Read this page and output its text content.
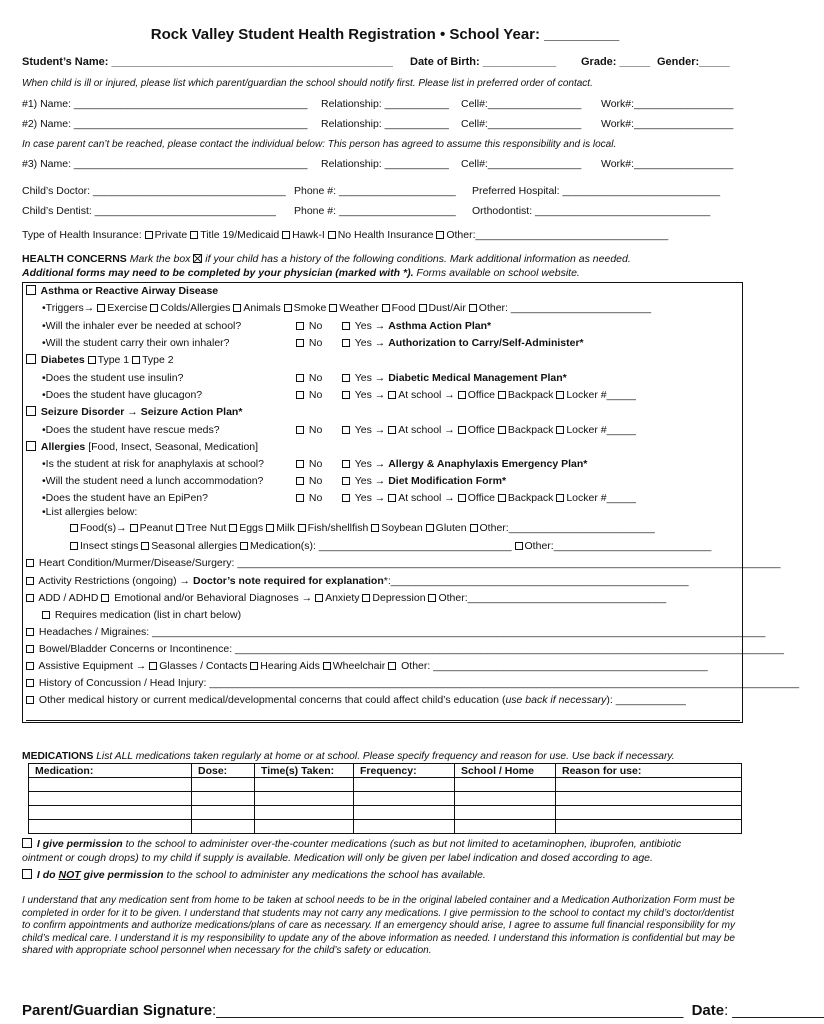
Rock Valley Student Health Registration • School Year: _________
Student’s Name: ______________________________________________ Date of Birth: ____________ Grade: _____ Gender:_____
When child is ill or injured, please list which parent/guardian the school should notify first. Please list in preferred order of contact.
#1) Name: ________________________________________ Relationship: ___________ Cell#:________________ Work#:_________________
#2) Name: ________________________________________ Relationship: ___________ Cell#:________________ Work#:_________________
In case parent can’t be reached, please contact the individual below: This person has agreed to assume this responsibility and is local.
#3) Name: ________________________________________ Relationship: ___________ Cell#:________________ Work#:_________________
Child’s Doctor: _________________________________ Phone #: ____________________ Preferred Hospital: ___________________________
Child’s Dentist: _______________________________ Phone #: ____________________ Orthodontist: ______________________________
Type of Health Insurance: Private Title 19/Medicaid Hawk-I No Health Insurance Other:_________________________________
HEALTH CONCERNS Mark the box if your child has a history of the following conditions. Mark additional information as needed.
Additional forms may need to be completed by your physician (marked with *). Forms available on school website.
Asthma or Reactive Airway Disease
•Triggers→ Exercise Colds/Allergies Animals Smoke Weather Food Dust/Air Other: ________________________
•Will the inhaler ever be needed at school?	No	Yes → Asthma Action Plan*
•Will the student carry their own inhaler?	No	Yes → Authorization to Carry/Self-Administer*
Diabetes Type 1 Type 2
•Does the student use insulin?	No	Yes → Diabetic Medical Management Plan*
•Does the student have glucagon?	No	Yes → At school → Office Backpack Locker #_____
Seizure Disorder → Seizure Action Plan*
•Does the student have rescue meds?	No	Yes → At school → Office Backpack Locker #_____
Allergies [Food, Insect, Seasonal, Medication]
•Is the student at risk for anaphylaxis at school?	No	Yes → Allergy & Anaphylaxis Emergency Plan*
•Will the student need a lunch accommodation?	No	Yes → Diet Modification Form*
•Does the student have an EpiPen?	No	Yes → At school → Office Backpack Locker #_____
•List allergies below:
Food(s)→ Peanut Tree Nut Eggs Milk Fish/shellfish Soybean Gluten Other:_________________________
Insect stings Seasonal allergies Medication(s): _________________________________ Other:___________________________
Heart Condition/Murmer/Disease/Surgery: _____________________________________________________________________________________________
Activity Restrictions (ongoing) → Doctor’s note required for explanation*:___________________________________________________
ADD / ADHD Emotional and/or Behavioral Diagnoses → Anxiety Depression Other:__________________________________
Requires medication (list in chart below)
Headaches / Migraines: _________________________________________________________________________________________________________
Bowel/Bladder Concerns or Incontinence: ______________________________________________________________________________________________
Assistive Equipment → Glasses / Contacts Hearing Aids Wheelchair Other: _______________________________________________
History of Concussion / Head Injury: _____________________________________________________________________________________________________
Other medical history or current medical/developmental concerns that could affect child’s education (use back if necessary): ____________
MEDICATIONS List ALL medications taken regularly at home or at school. Please specify frequency and reason for use. Use back if necessary.
Medication:	Dose:	Time(s) Taken:	Frequency:	School / Home	Reason for use:

I give permission to the school to administer over-the-counter medications (such as but not limited to acetaminophen, ibuprofen, antibiotic
ointment or cough drops) to my child if supply is available. Medication will only be given per label indication and dosed according to age.
I do NOT give permission to the school to administer any medications the school has available.
I understand that any medication sent from home to be taken at school needs to be in the original labeled container and a Medication Authorization Form must be completed in order for it to be given. I understand that students may not carry any medications. I give permission to the school to contact my child’s doctor/dentist to confirm appointments and authorize medications/plans of care as necessary. If an emergency should arise, I agree to assume full financial responsibility for my child’s medical care. I understand it is my responsibility to update any of the above information as needed. I understand this information is confidential but may be shared with appropriate school personnel when necessary for the child’s safety or education.
Parent/Guardian Signature:________________________________________________________ Date: ___________
